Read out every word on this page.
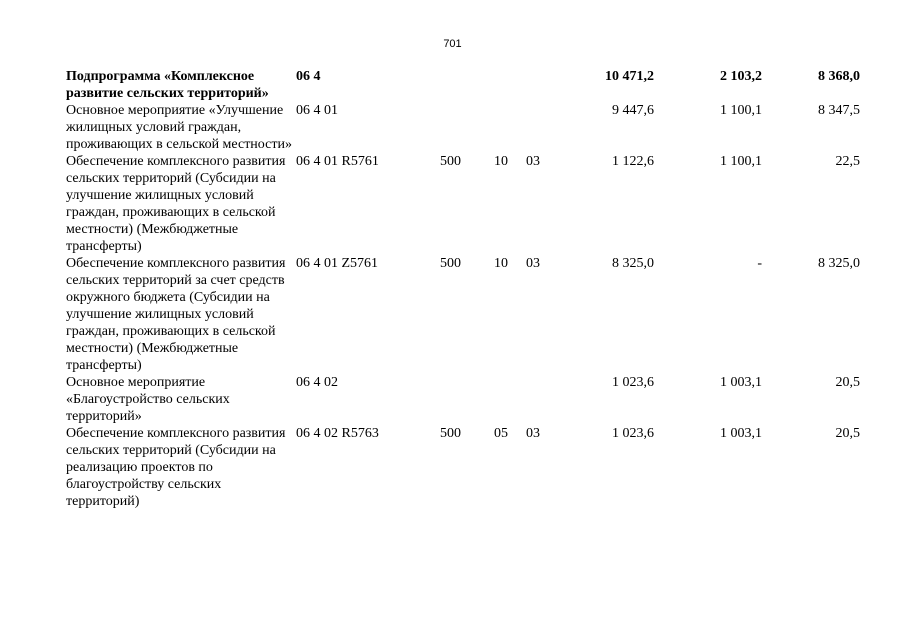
701
Подпрограмма «Комплексное развитие сельских территорий»	06 4				10 471,2	2 103,2	8 368,0
Основное мероприятие «Улучшение жилищных условий граждан, проживающих в сельской местности»	06 4 01				9 447,6	1 100,1	8 347,5
Обеспечение комплексного развития сельских территорий (Субсидии на улучшение жилищных условий граждан, проживающих в сельской местности) (Межбюджетные трансферты)	06 4 01 R5761	500	10	03	1 122,6	1 100,1	22,5
Обеспечение комплексного развития сельских территорий за счет средств окружного бюджета (Субсидии на улучшение жилищных условий граждан, проживающих в сельской местности) (Межбюджетные трансферты)	06 4 01 Z5761	500	10	03	8 325,0	-	8 325,0
Основное мероприятие «Благоустройство сельских территорий»	06 4 02				1 023,6	1 003,1	20,5
Обеспечение комплексного развития сельских территорий (Субсидии на реализацию проектов по благоустройству сельских территорий)	06 4 02 R5763	500	05	03	1 023,6	1 003,1	20,5
